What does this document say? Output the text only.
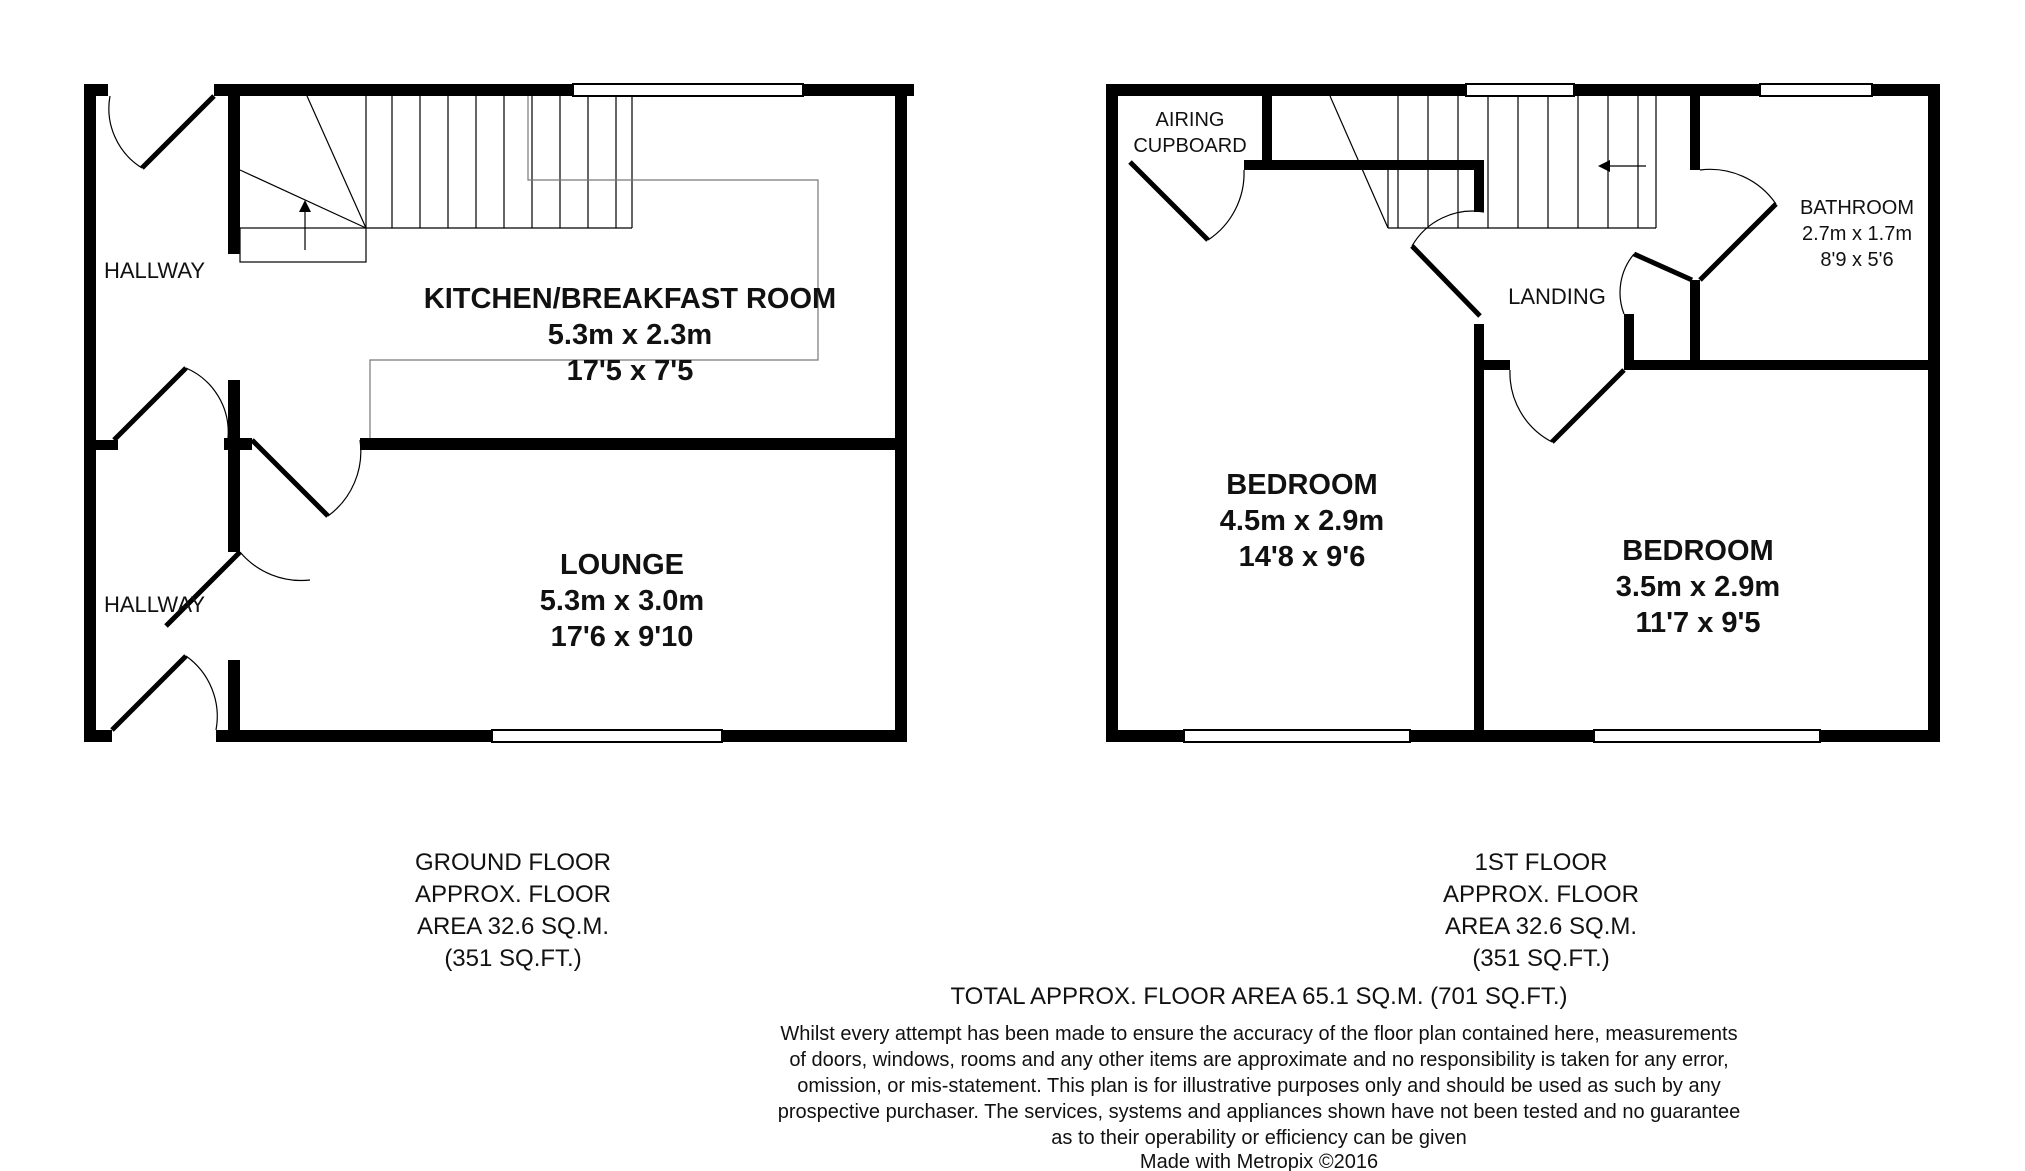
HALLWAY
HALLWAY
KITCHEN/BREAKFAST ROOM
5.3m x 2.3m
17'5 x 7'5
LOUNGE
5.3m x 3.0m
17'6 x 9'10
AIRING
CUPBOARD
BATHROOM
2.7m x 1.7m
8'9 x 5'6
LANDING
BEDROOM
4.5m x 2.9m
14'8 x 9'6	BEDROOM
3.5m x 2.9m
11'7 x 9'5
GROUND FLOOR
APPROX. FLOOR
AREA 32.6 SQ.M.
(351 SQ.FT.)
1ST FLOOR
APPROX. FLOOR
AREA 32.6 SQ.M.
(351 SQ.FT.)
TOTAL APPROX. FLOOR AREA 65.1 SQ.M. (701 SQ.FT.)
Whilst every attempt has been made to ensure the accuracy of the floor plan contained here, measurements
of doors, windows, rooms and any other items are approximate and no responsibility is taken for any error,
omission, or mis-statement. This plan is for illustrative purposes only and should be used as such by any
prospective purchaser. The services, systems and appliances shown have not been tested and no guarantee
as to their operability or efficiency can be given
Made with Metropix ©2016
